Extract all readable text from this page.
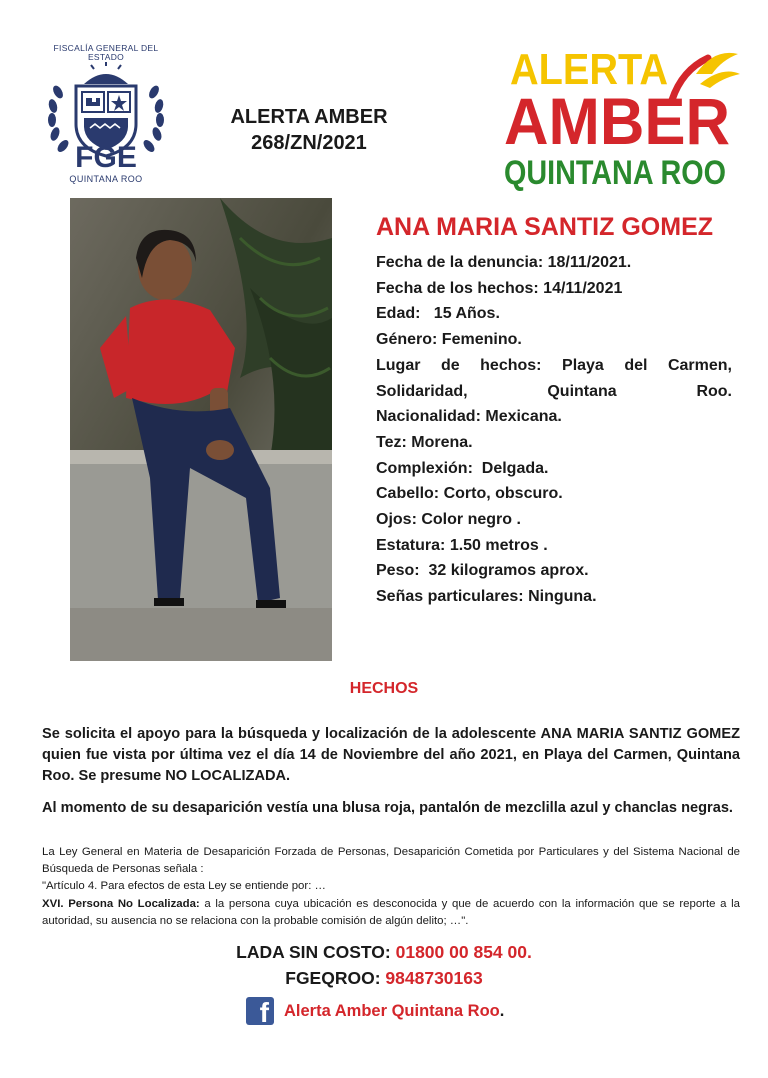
FISCALÍA GENERAL DEL ESTADO
FGE
QUINTANA ROO
ALERTA AMBER
268/ZN/2021
ALERTA
AMBER
QUINTANA ROO
ANA MARIA SANTIZ GOMEZ
Fecha de la denuncia: 18/11/2021.
Fecha de los hechos: 14/11/2021
Edad: 15 Años.
Género: Femenino.
Lugar de hechos: Playa del Carmen, Solidaridad, Quintana Roo.
Nacionalidad: Mexicana.
Tez: Morena.
Complexión: Delgada.
Cabello: Corto, obscuro.
Ojos: Color negro .
Estatura: 1.50 metros .
Peso: 32 kilogramos aprox.
Señas particulares: Ninguna.
HECHOS
Se solicita el apoyo para la búsqueda y localización de la adolescente ANA MARIA SANTIZ GOMEZ quien fue vista por última vez el día 14 de Noviembre del año 2021, en Playa del Carmen, Quintana Roo. Se presume NO LOCALIZADA.
Al momento de su desaparición vestía una blusa roja, pantalón de mezclilla azul y chanclas negras.
La Ley General en Materia de Desaparición Forzada de Personas, Desaparición Cometida por Particulares y del Sistema Nacional de Búsqueda de Personas señala :
"Artículo 4. Para efectos de esta Ley se entiende por: …
XVI. Persona No Localizada: a la persona cuya ubicación es desconocida y que de acuerdo con la información que se reporte a la autoridad, su ausencia no se relaciona con la probable comisión de algún delito; …".
LADA SIN COSTO: 01800 00 854 00.
FGEQROO: 9848730163
f Alerta Amber Quintana Roo.
